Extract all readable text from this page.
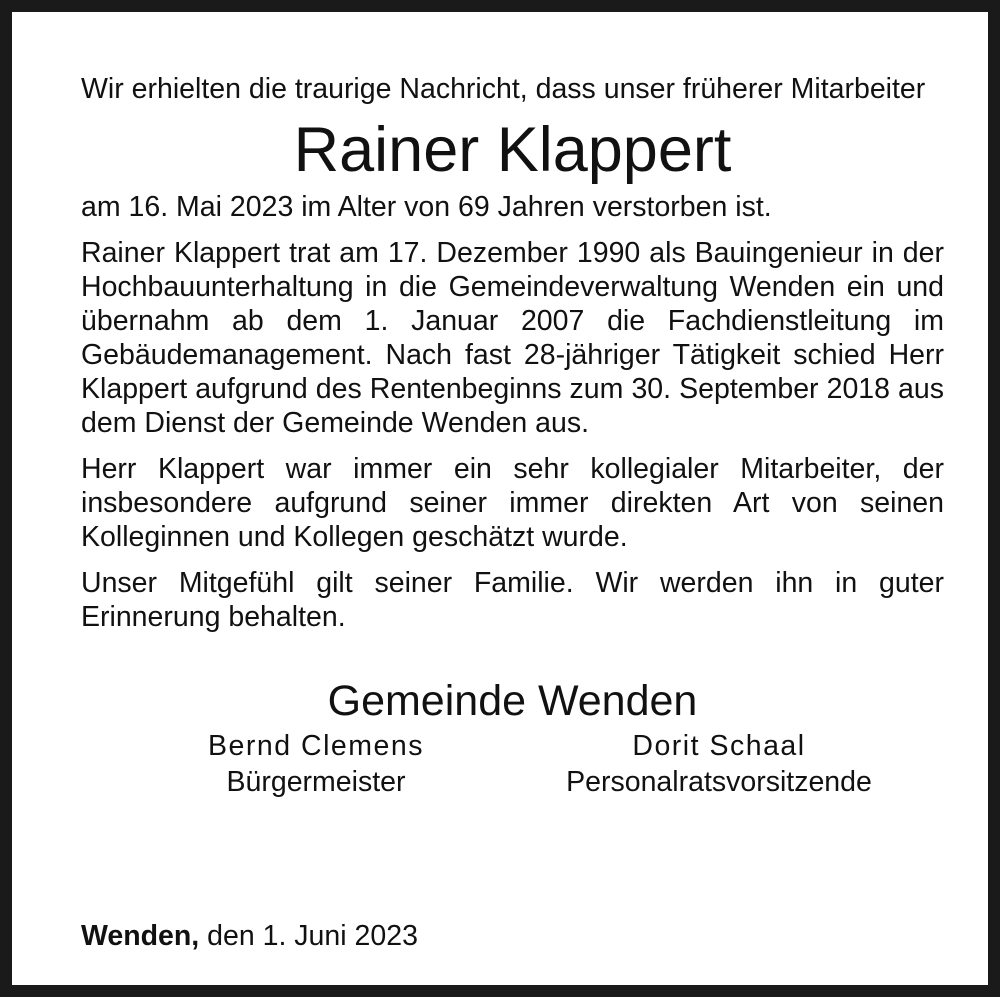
Wir erhielten die traurige Nachricht, dass unser früherer Mitarbeiter

Rainer Klappert

am 16. Mai 2023 im Alter von 69 Jahren verstorben ist.

Rainer Klappert trat am 17. Dezember 1990 als Bauingenieur in der Hochbauunterhaltung in die Gemeindeverwaltung Wenden ein und übernahm ab dem 1. Januar 2007 die Fachdienstleitung im Gebäudemanagement. Nach fast 28-jähriger Tätigkeit schied Herr Klappert aufgrund des Rentenbeginns zum 30. September 2018 aus dem Dienst der Gemeinde Wenden aus.

Herr Klappert war immer ein sehr kollegialer Mitarbeiter, der insbesondere aufgrund seiner immer direkten Art von seinen Kolleginnen und Kollegen geschätzt wurde.

Unser Mitgefühl gilt seiner Familie. Wir werden ihn in guter Erinnerung behalten.

Gemeinde Wenden
Bernd Clemens
Bürgermeister
Dorit Schaal
Personalratsvorsitzende
Wenden, den 1. Juni 2023
